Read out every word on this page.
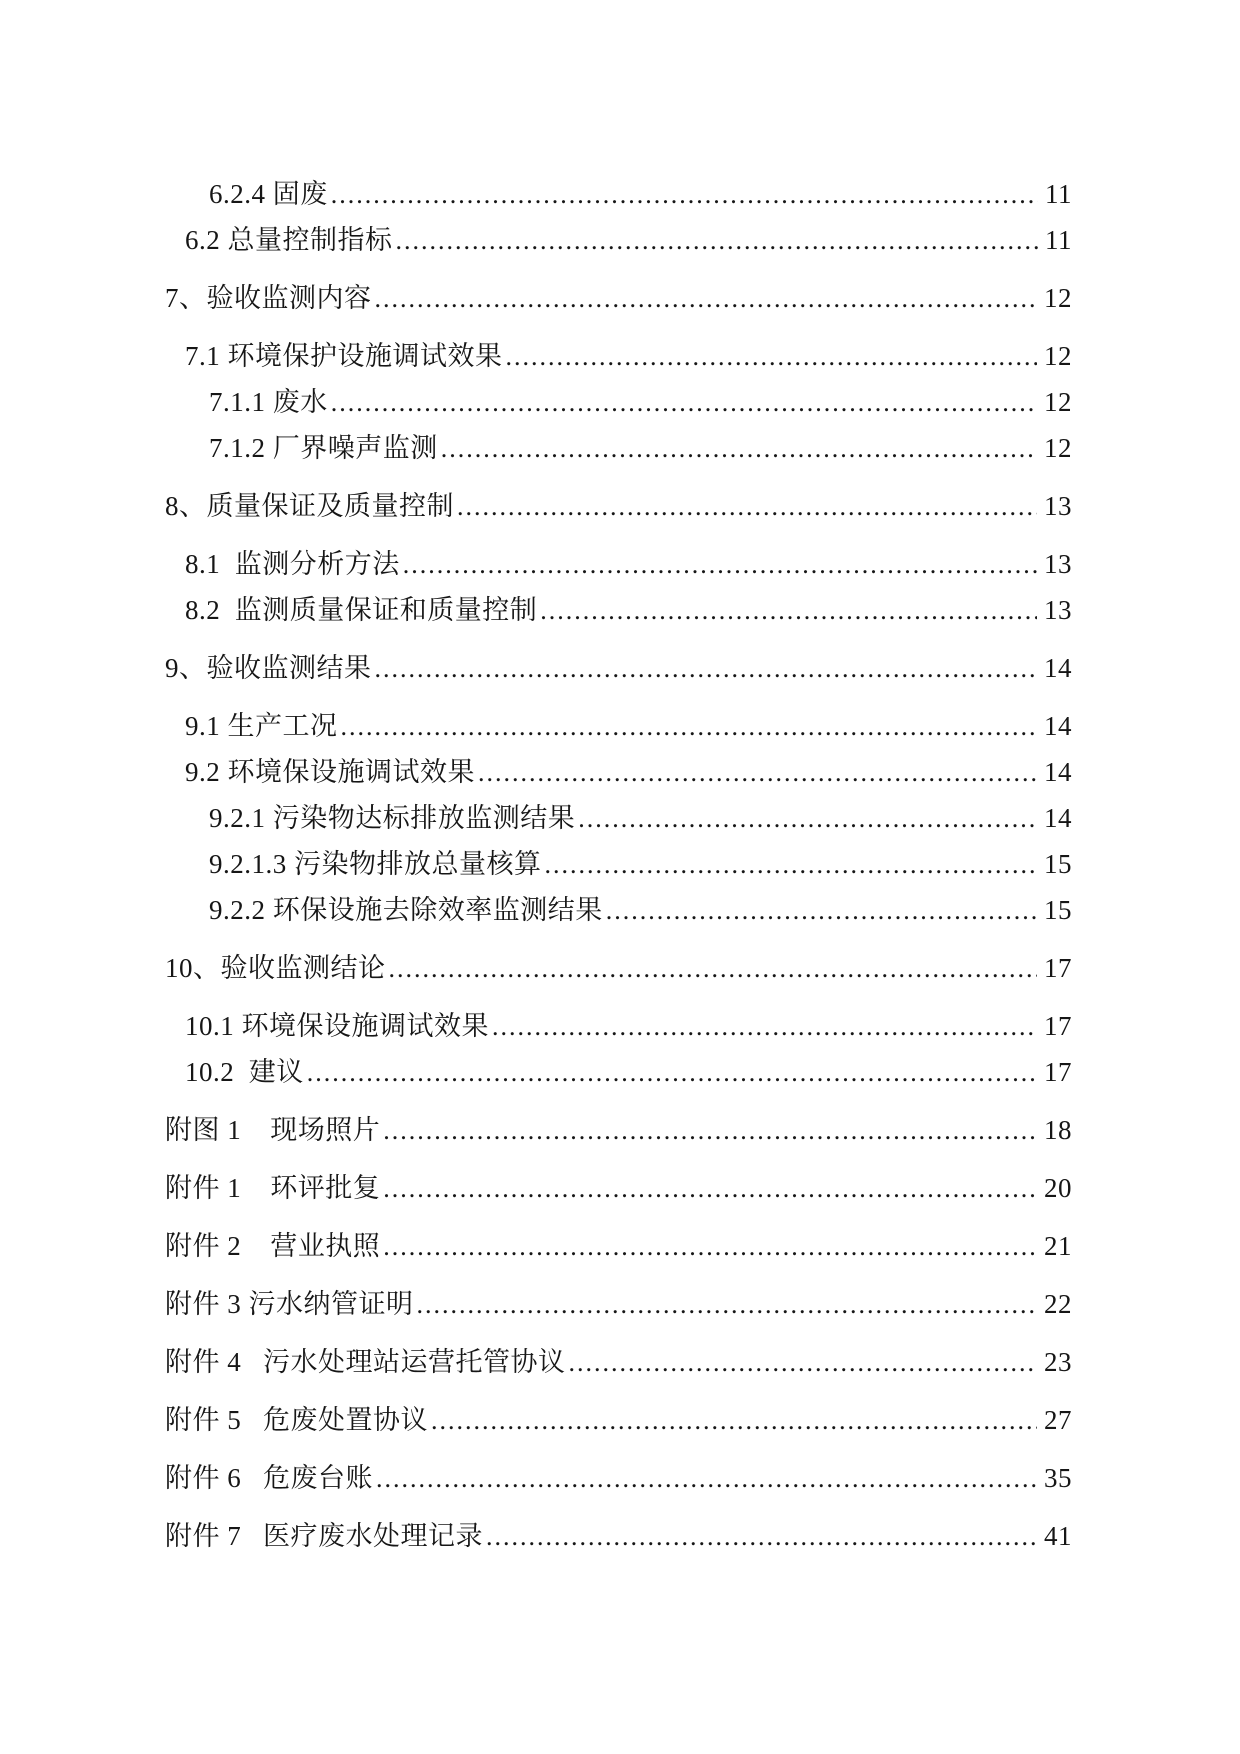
6.2.4 固废 .....	11
6.2 总量控制指标 .....	11
7、验收监测内容 .....	12
7.1 环境保护设施调试效果 .....	12
7.1.1 废水 .....	12
7.1.2 厂界噪声监测 .....	12
8、质量保证及质量控制 .....	13
8.1  监测分析方法 .....	13
8.2  监测质量保证和质量控制 .....	13
9、验收监测结果 .....	14
9.1 生产工况 .....	14
9.2 环境保设施调试效果 .....	14
9.2.1 污染物达标排放监测结果 .....	14
9.2.1.3 污染物排放总量核算 .....	15
9.2.2 环保设施去除效率监测结果 .....	15
10、验收监测结论 .....	17
10.1 环境保设施调试效果 .....	17
10.2  建议 .....	17
附图 1    现场照片 .....	18
附件 1    环评批复 .....	20
附件 2    营业执照 .....	21
附件 3 污水纳管证明 .....	22
附件 4   污水处理站运营托管协议 .....	23
附件 5   危废处置协议 .....	27
附件 6   危废台账 .....	35
附件 7   医疗废水处理记录 .....	41
